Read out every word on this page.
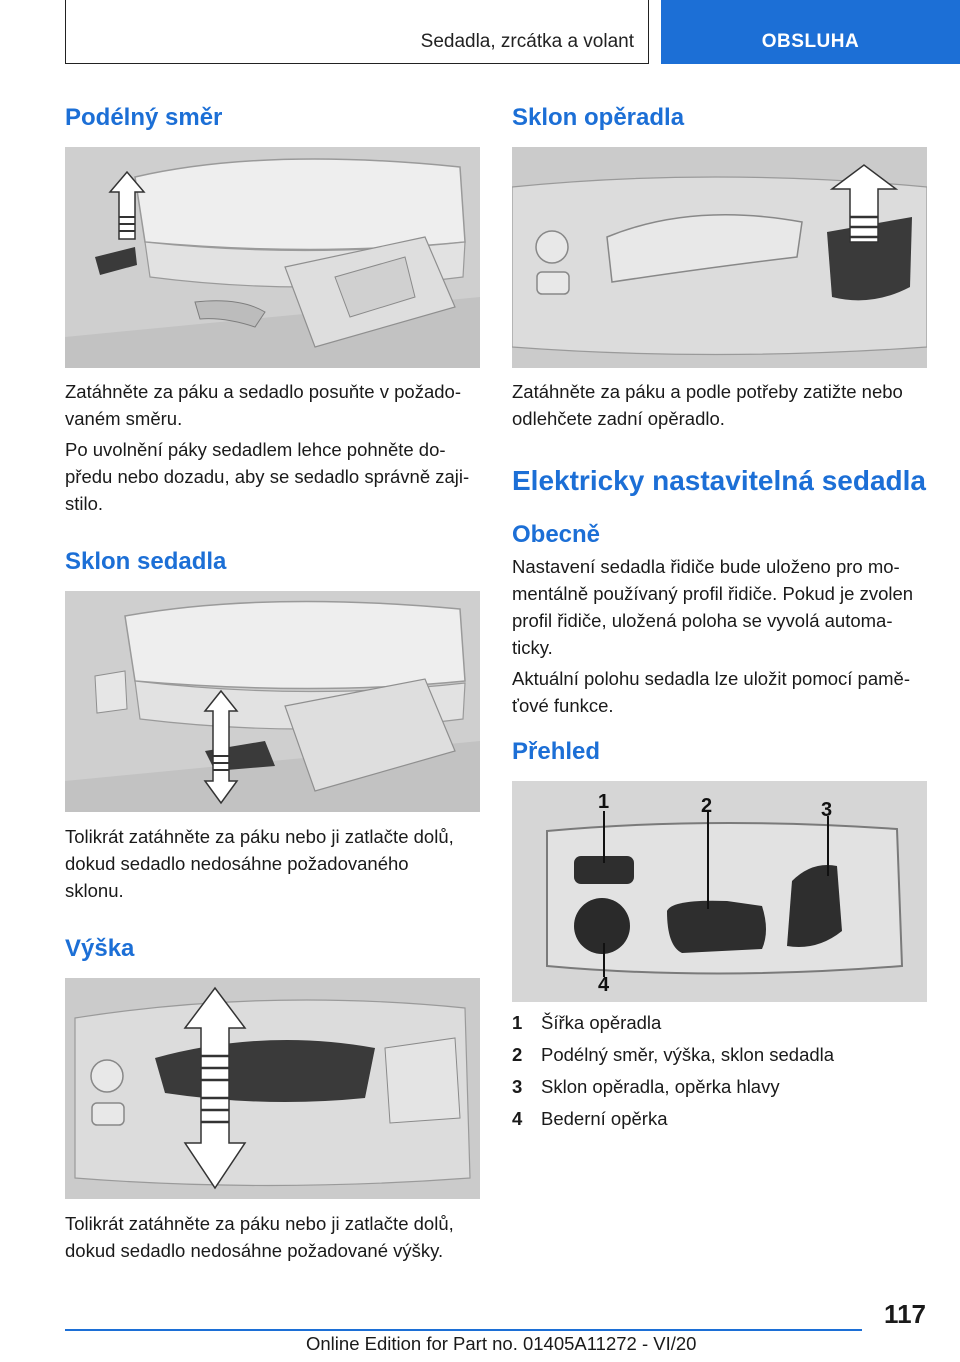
Sedadla, zrcátka a volant	OBSLUHA
Podélný směr
Zatáhněte za páku a sedadlo posuňte v požado-
vaném směru.
Po uvolnění páky sedadlem lehce pohněte do-
předu nebo dozadu, aby se sedadlo správně zaji-
stilo.
Sklon sedadla
Tolikrát zatáhněte za páku nebo ji zatlačte dolů,
dokud sedadlo nedosáhne požadovaného
sklonu.
Výška
Tolikrát zatáhněte za páku nebo ji zatlačte dolů,
dokud sedadlo nedosáhne požadované výšky.
Sklon opěradla
Zatáhněte za páku a podle potřeby zatižte nebo
odlehčete zadní opěradlo.
Elektricky nastavitelná sedadla
Obecně
Nastavení sedadla řidiče bude uloženo pro mo-
mentálně používaný profil řidiče. Pokud je zvolen
profil řidiče, uložená poloha se vyvolá automa-
ticky.
Aktuální polohu sedadla lze uložit pomocí pamě-
ťové funkce.
Přehled
1	2	3
4
1 Šířka opěradla
2 Podélný směr, výška, sklon sedadla
3 Sklon opěradla, opěrka hlavy
4 Bederní opěrka
117
Online Edition for Part no. 01405A11272 - VI/20
